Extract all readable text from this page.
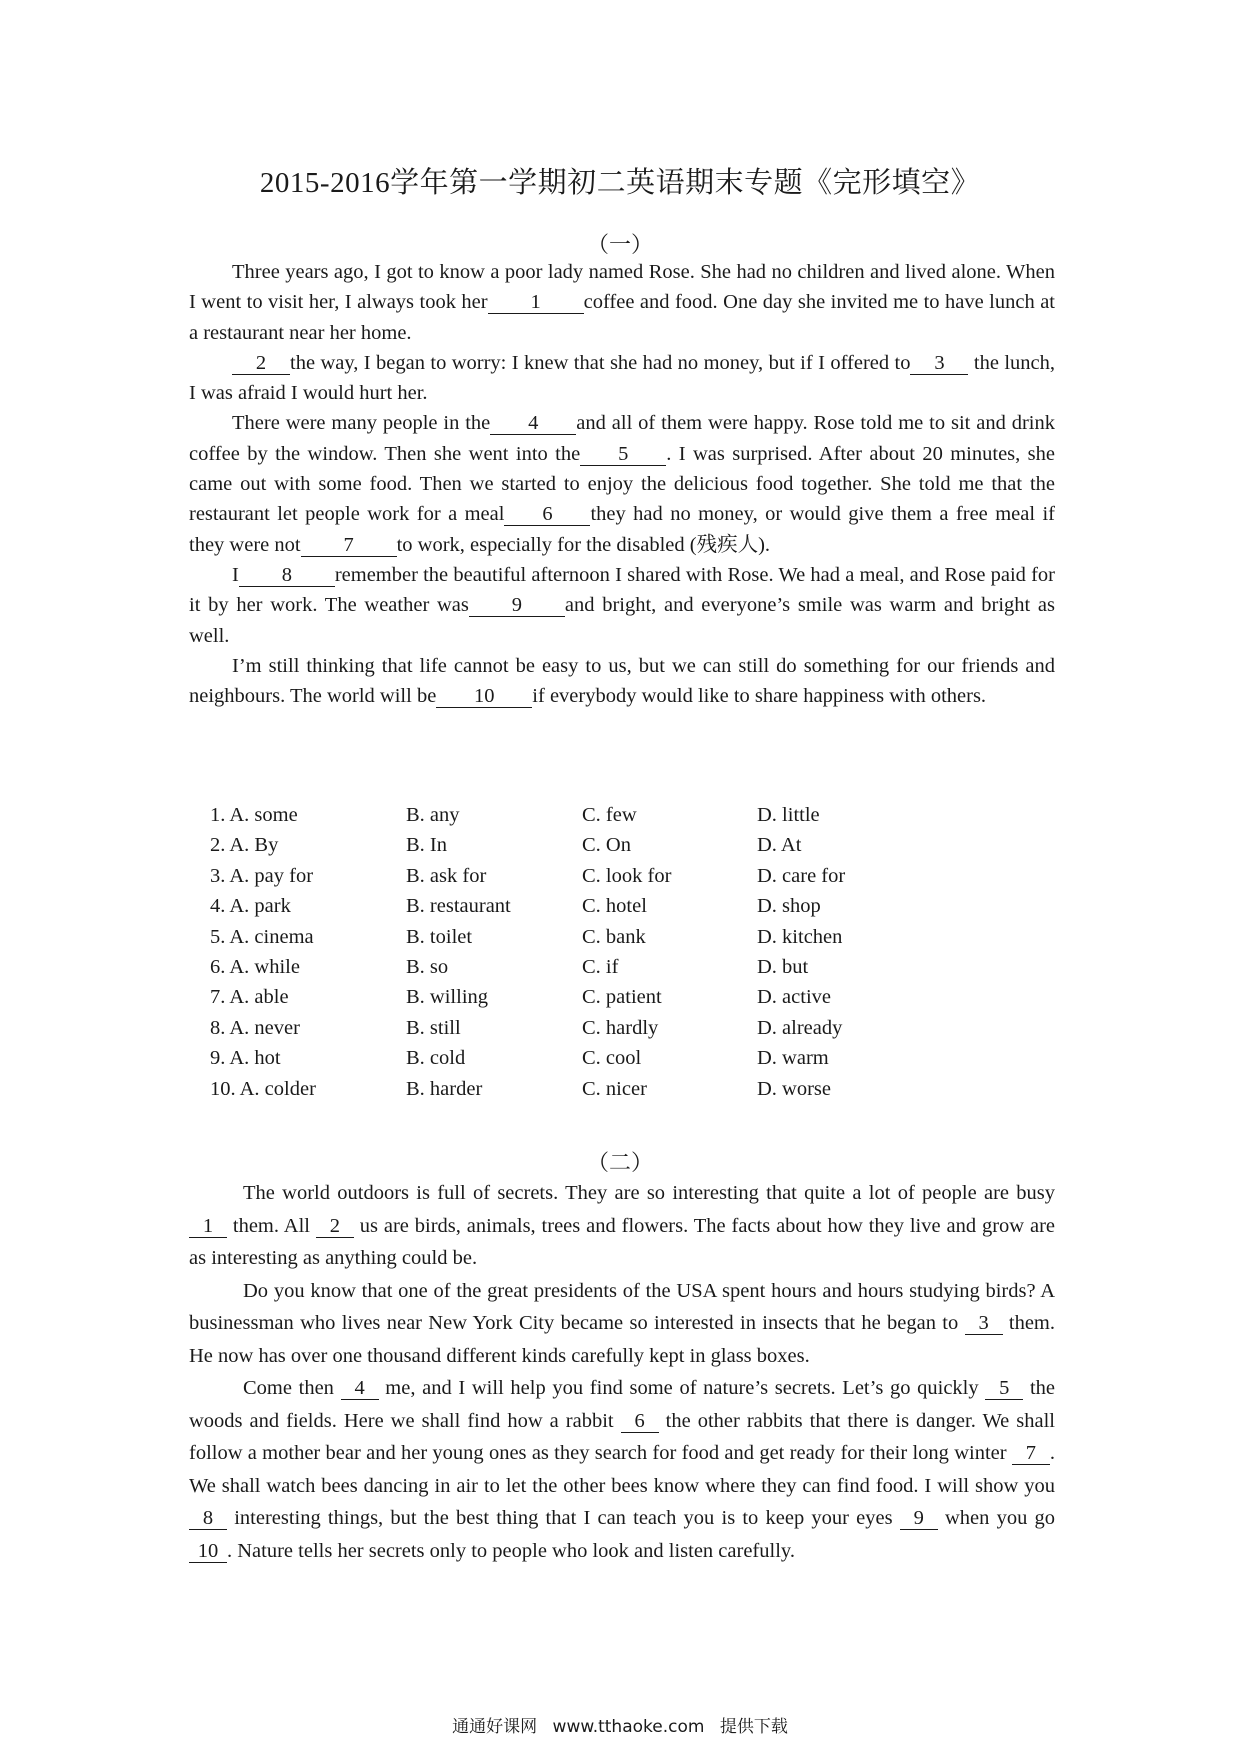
2015-2016学年第一学期初二英语期末专题《完形填空》
（一）

Three years ago, I got to know a poor lady named Rose. She had no children and lived alone. When I went to visit her, I always took her 1 coffee and food. One day she invited me to have lunch at a restaurant near her home.

2 the way, I began to worry: I knew that she had no money, but if I offered to 3 the lunch, I was afraid I would hurt her.

There were many people in the 4 and all of them were happy. Rose told me to sit and drink coffee by the window. Then she went into the 5 . I was surprised. After about 20 minutes, she came out with some food. Then we started to enjoy the delicious food together. She told me that the restaurant let people work for a meal 6 they had no money, or would give them a free meal if they were not 7 to work, especially for the disabled (残疾人).

I 8 remember the beautiful afternoon I shared with Rose. We had a meal, and Rose paid for it by her work. The weather was 9 and bright, and everyone’s smile was warm and bright as well.

I’m still thinking that life cannot be easy to us, but we can still do something for our friends and neighbours. The world will be 10 if everybody would like to share happiness with others.

1. A. some	B. any	C. few	D. little
2. A. By	B. In	C. On	D. At
3. A. pay for	B. ask for	C. look for	D. care for
4. A. park	B. restaurant	C. hotel	D. shop
5. A. cinema	B. toilet	C. bank	D. kitchen
6. A. while	B. so	C. if	D. but
7. A. able	B. willing	C. patient	D. active
8. A. never	B. still	C. hardly	D. already
9. A. hot	B. cold	C. cool	D. warm
10. A. colder	B. harder	C. nicer	D. worse
（二）

The world outdoors is full of secrets. They are so interesting that quite a lot of people are busy 1 them. All 2 us are birds, animals, trees and flowers. The facts about how they live and grow are as interesting as anything could be.

Do you know that one of the great presidents of the USA spent hours and hours studying birds? A businessman who lives near New York City became so interested in insects that he began to 3 them. He now has over one thousand different kinds carefully kept in glass boxes.

Come then 4 me, and I will help you find some of nature’s secrets. Let’s go quickly 5 the woods and fields. Here we shall find how a rabbit 6 the other rabbits that there is danger. We shall follow a mother bear and her young ones as they search for food and get ready for their long winter 7 . We shall watch bees dancing in air to let the other bees know where they can find food. I will show you 8 interesting things, but the best thing that I can teach you is to keep your eyes 9 when you go 10 . Nature tells her secrets only to people who look and listen carefully.

通通好课网 www.tthaoke.com 提供下载
